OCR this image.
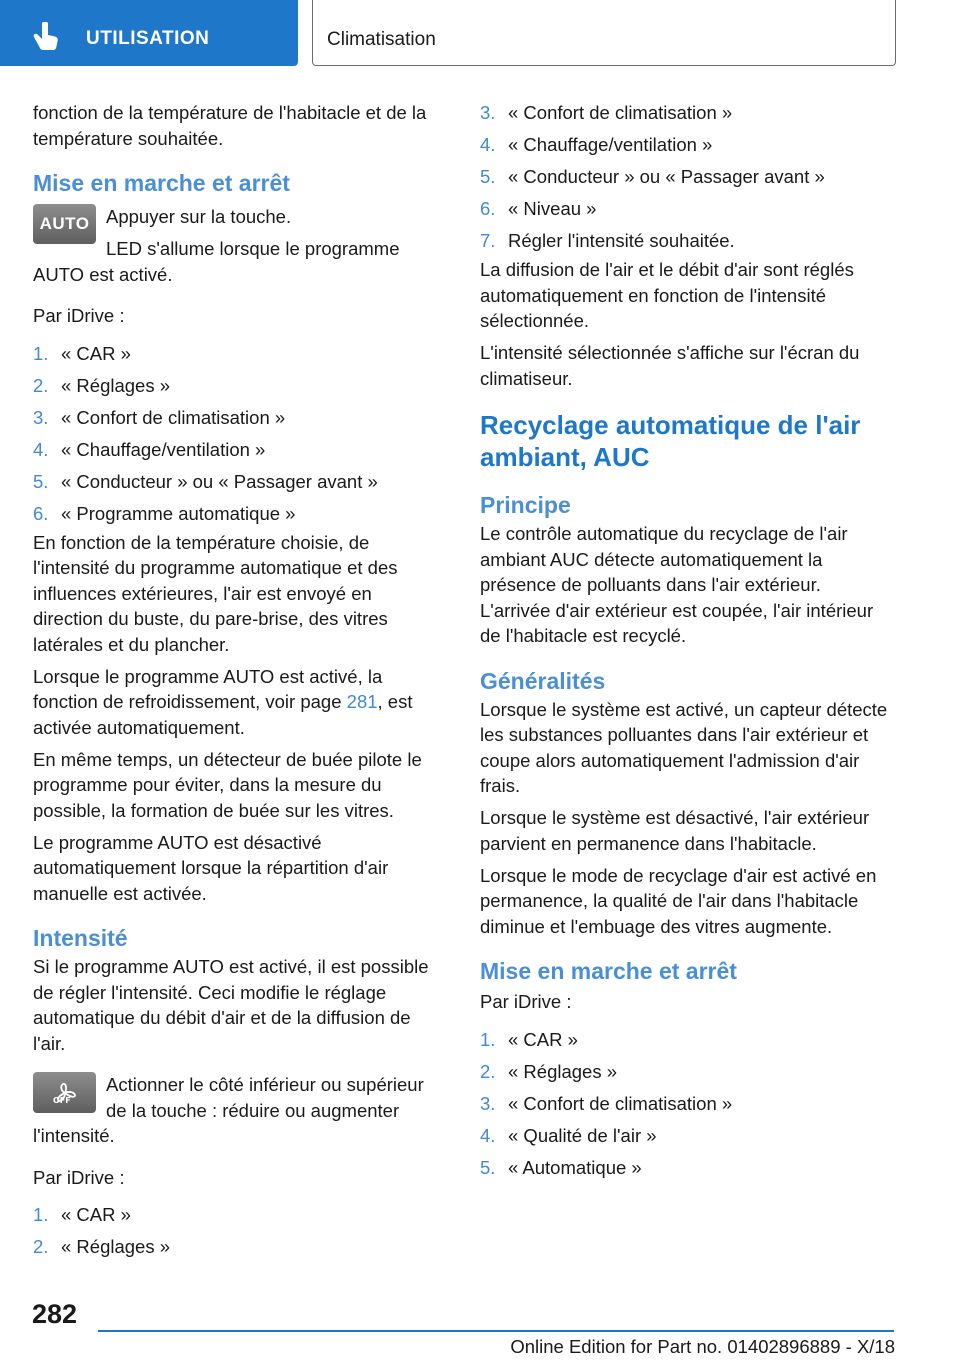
UTILISATION	Climatisation

fonction de la température de l'habitacle et de la température souhaitée.

Mise en marche et arrêt
AUTO Appuyer sur la touche.

LED s'allume lorsque le programme AUTO est activé.

Par iDrive :

1. « CAR »
2. « Réglages »
3. « Confort de climatisation »
4. « Chauffage/ventilation »
5. « Conducteur » ou « Passager avant »
6. « Programme automatique »

En fonction de la température choisie, de l'intensité du programme automatique et des influences extérieures, l'air est envoyé en direction du buste, du pare-brise, des vitres latérales et du plancher.

Lorsque le programme AUTO est activé, la fonction de refroidissement, voir page 281, est activée automatiquement.

En même temps, un détecteur de buée pilote le programme pour éviter, dans la mesure du possible, la formation de buée sur les vitres.

Le programme AUTO est désactivé automatiquement lorsque la répartition d'air manuelle est activée.

Intensité

Si le programme AUTO est activé, il est possible de régler l'intensité. Ceci modifie le réglage automatique du débit d'air et de la diffusion de l'air.

OFF

Actionner le côté inférieur ou supérieur de la touche : réduire ou augmenter l'intensité.

Par iDrive :

1. « CAR »
2. « Réglages »
3. « Confort de climatisation »
4. « Chauffage/ventilation »
5. « Conducteur » ou « Passager avant »
6. « Niveau »
7. Régler l'intensité souhaitée.

La diffusion de l'air et le débit d'air sont réglés automatiquement en fonction de l'intensité sélectionnée.

L'intensité sélectionnée s'affiche sur l'écran du climatiseur.

Recyclage automatique de l'air ambiant, AUC
Principe

Le contrôle automatique du recyclage de l'air ambiant AUC détecte automatiquement la présence de polluants dans l'air extérieur. L'arrivée d'air extérieur est coupée, l'air intérieur de l'habitacle est recyclé.

Généralités

Lorsque le système est activé, un capteur détecte les substances polluantes dans l'air extérieur et coupe alors automatiquement l'admission d'air frais.

Lorsque le système est désactivé, l'air extérieur parvient en permanence dans l'habitacle.

Lorsque le mode de recyclage d'air est activé en permanence, la qualité de l'air dans l'habitacle diminue et l'embuage des vitres augmente.

Mise en marche et arrêt

Par iDrive :

1. « CAR »
2. « Réglages »
3. « Confort de climatisation »
4. « Qualité de l'air »
5. « Automatique »
282
Online Edition for Part no. 01402896889 - X/18
